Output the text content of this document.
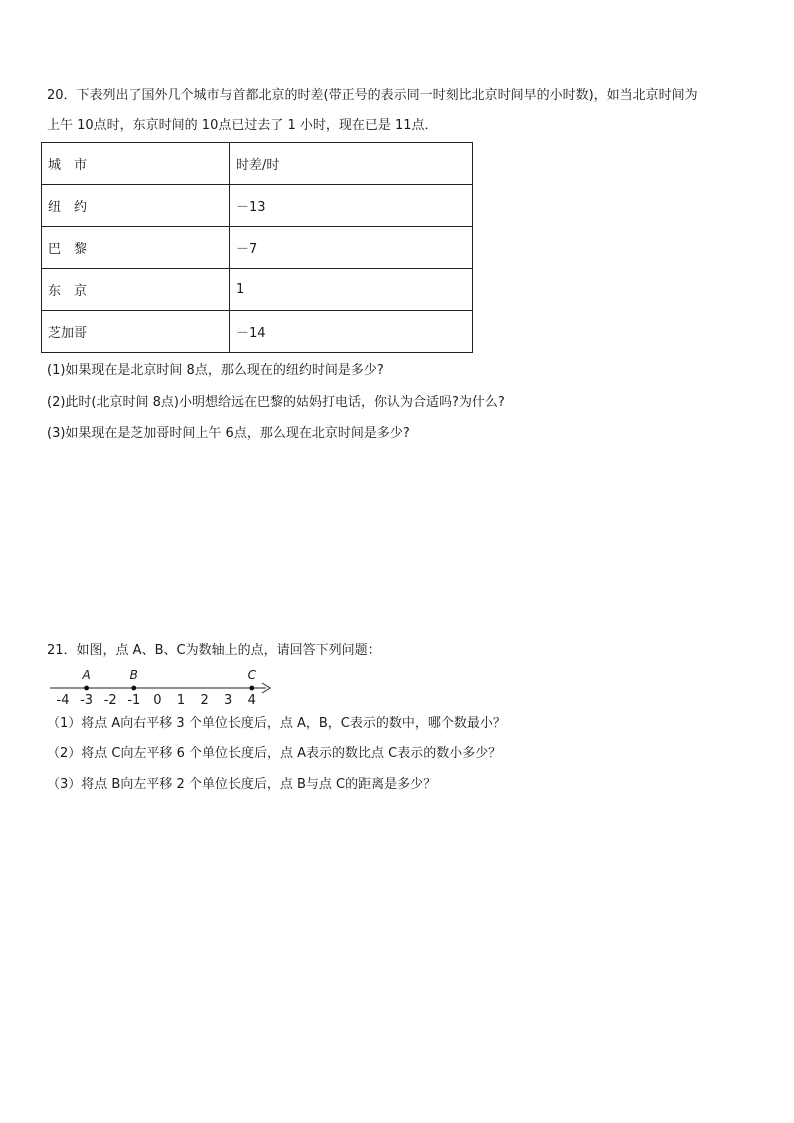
20．下表列出了国外几个城市与首都北京的时差(带正号的表示同一时刻比北京时间早的小时数)，如当北京时间为
上午 10点时，东京时间的 10点已过去了 1 小时，现在已是 11点．
城　市	时差/时
纽　约	－13
巴　黎	－7
东　京	1
芝加哥	－14
(1)如果现在是北京时间 8点，那么现在的纽约时间是多少?
(2)此时(北京时间 8点)小明想给远在巴黎的姑妈打电话，你认为合适吗?为什么?
(3)如果现在是芝加哥时间上午 6点，那么现在北京时间是多少?
21．如图，点 A、B、C为数轴上的点，请回答下列问题：
-4 -3 -2 -1 0 1 2 3 4
A	B	C
（1）将点 A向右平移 3 个单位长度后，点 A，B，C表示的数中，哪个数最小？
（2）将点 C向左平移 6 个单位长度后，点 A表示的数比点 C表示的数小多少？
（3）将点 B向左平移 2 个单位长度后，点 B与点 C的距离是多少？
